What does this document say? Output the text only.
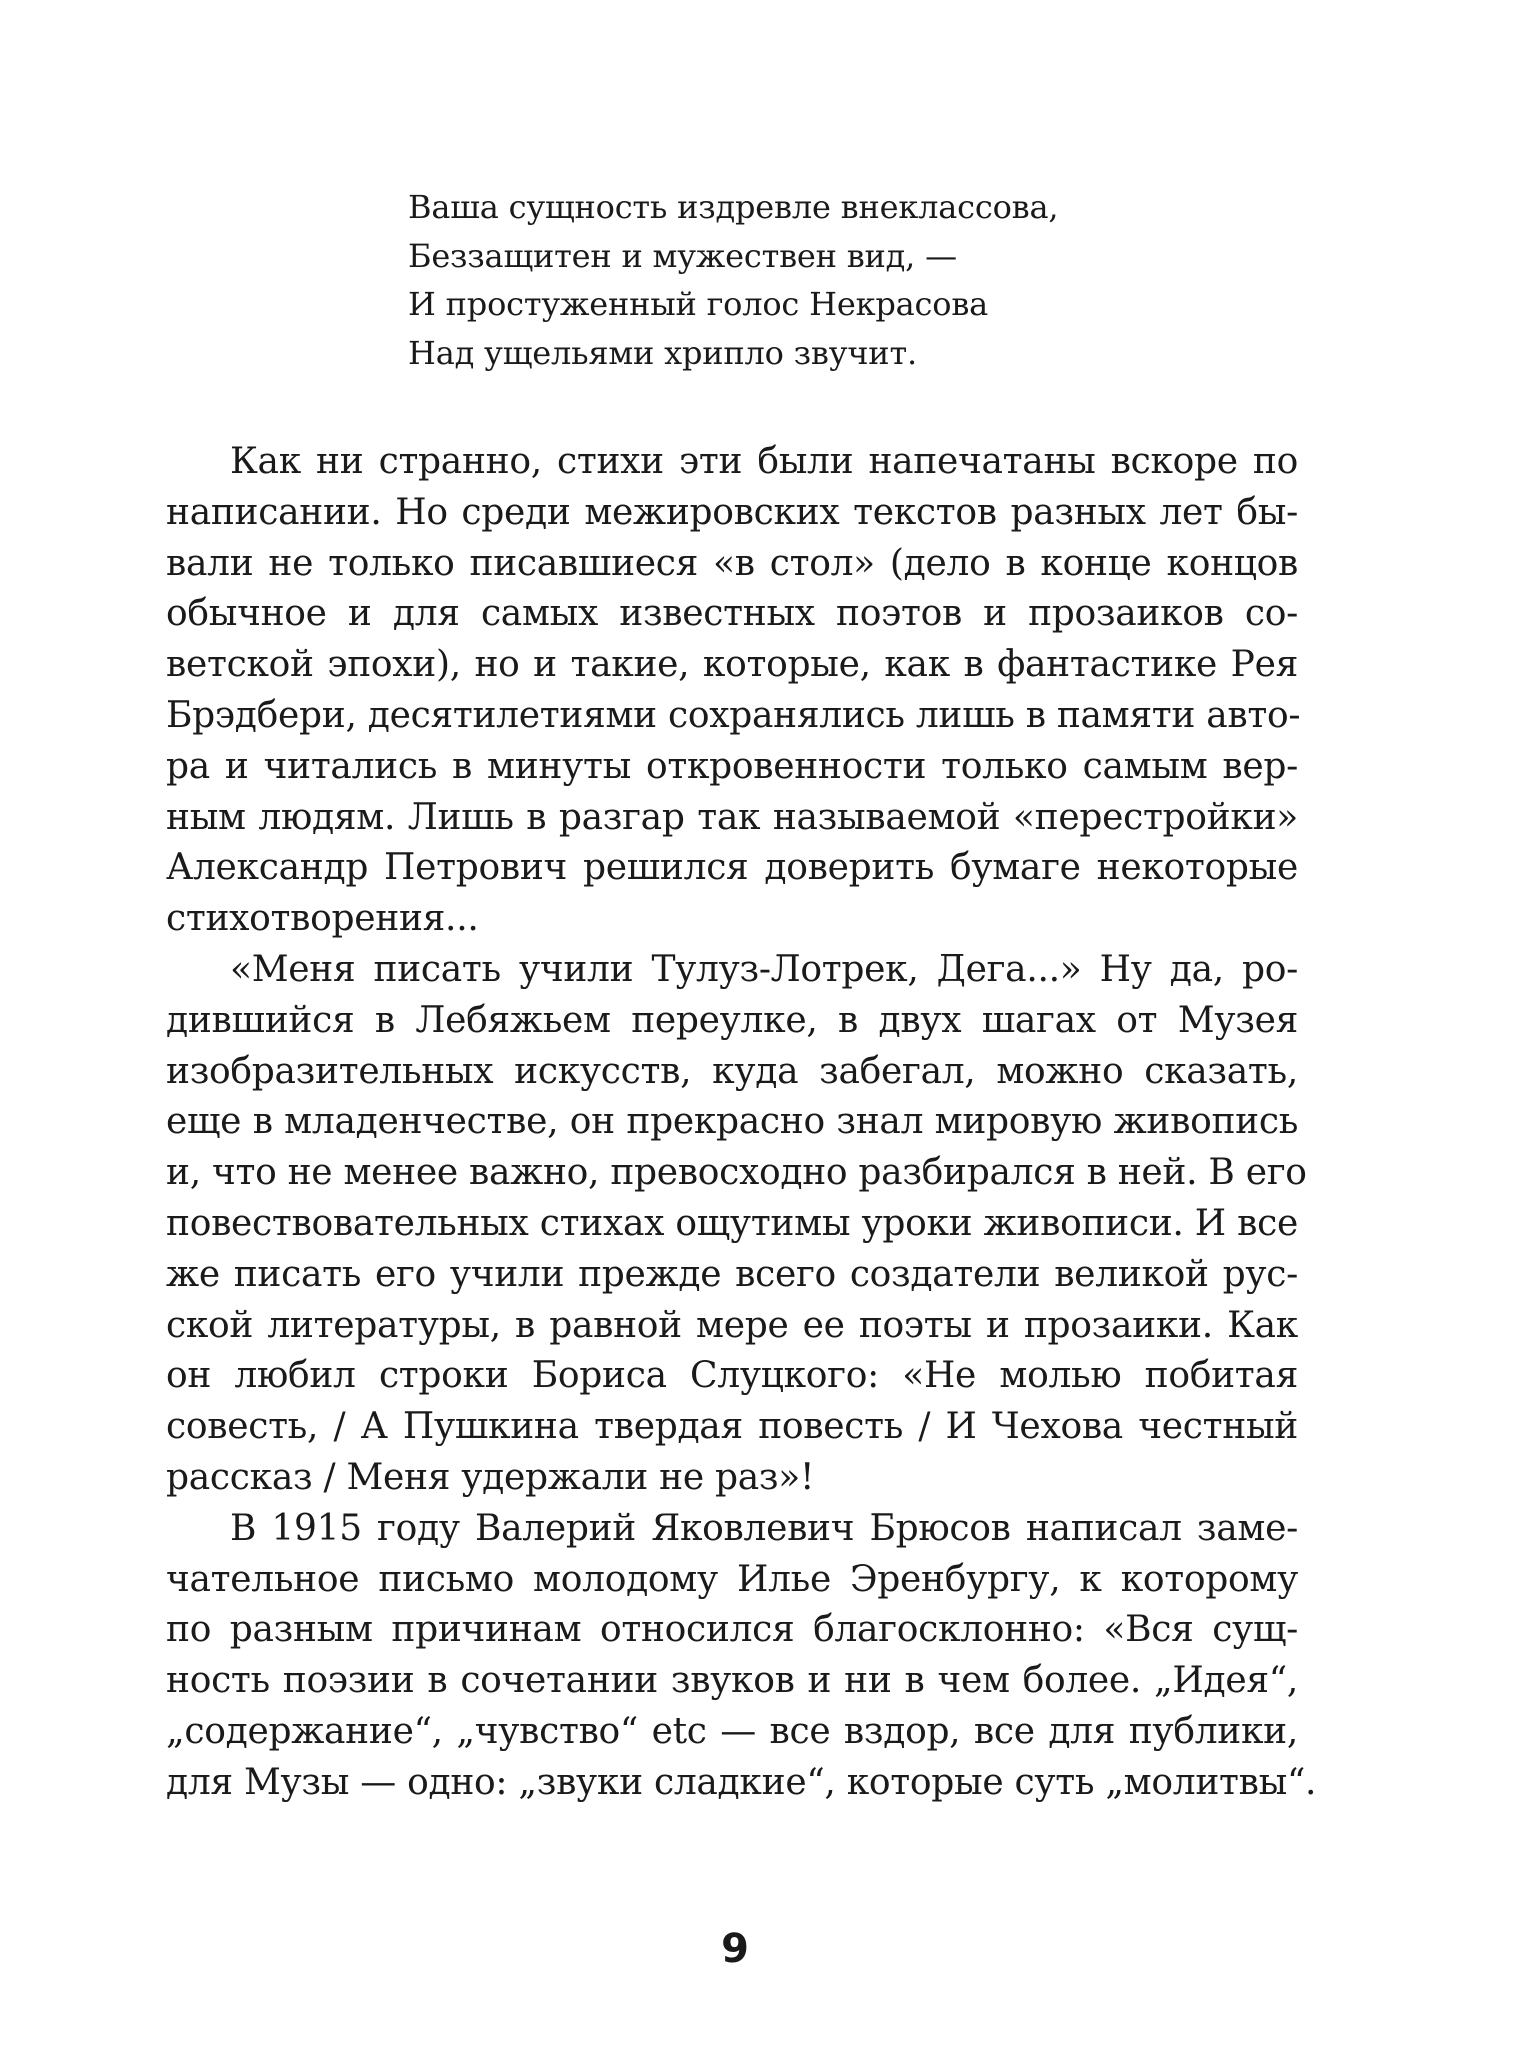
Ваша сущность издревле внеклассова,
Беззащитен и мужествен вид, —
И простуженный голос Некрасова
Над ущельями хрипло звучит.
Как ни странно, стихи эти были напечатаны вскоре по
написании. Но среди межировских текстов разных лет бы-
вали не только писавшиеся «в стол» (дело в конце концов
обычное и для самых известных поэтов и прозаиков со-
ветской эпохи), но и такие, которые, как в фантастике Рея
Брэдбери, десятилетиями сохранялись лишь в памяти авто-
ра и читались в минуты откровенности только самым вер-
ным людям. Лишь в разгар так называемой «перестройки»
Александр Петрович решился доверить бумаге некоторые
стихотворения...
«Меня писать учили Тулуз-Лотрек, Дега...» Ну да, ро-
дившийся в Лебяжьем переулке, в двух шагах от Музея
изобразительных искусств, куда забегал, можно сказать,
еще в младенчестве, он прекрасно знал мировую живопись
и, что не менее важно, превосходно разбирался в ней. В его
повествовательных стихах ощутимы уроки живописи. И все
же писать его учили прежде всего создатели великой рус-
ской литературы, в равной мере ее поэты и прозаики. Как
он любил строки Бориса Слуцкого: «Не молью побитая
совесть, / А Пушкина твердая повесть / И Чехова честный
рассказ / Меня удержали не раз»!
В 1915 году Валерий Яковлевич Брюсов написал заме-
чательное письмо молодому Илье Эренбургу, к которому
по разным причинам относился благосклонно: «Вся сущ-
ность поэзии в сочетании звуков и ни в чем более. „Идея“,
„содержание“, „чувство“ etc — все вздор, все для публики,
для Музы — одно: „звуки сладкие“, которые суть „молитвы“.
9
